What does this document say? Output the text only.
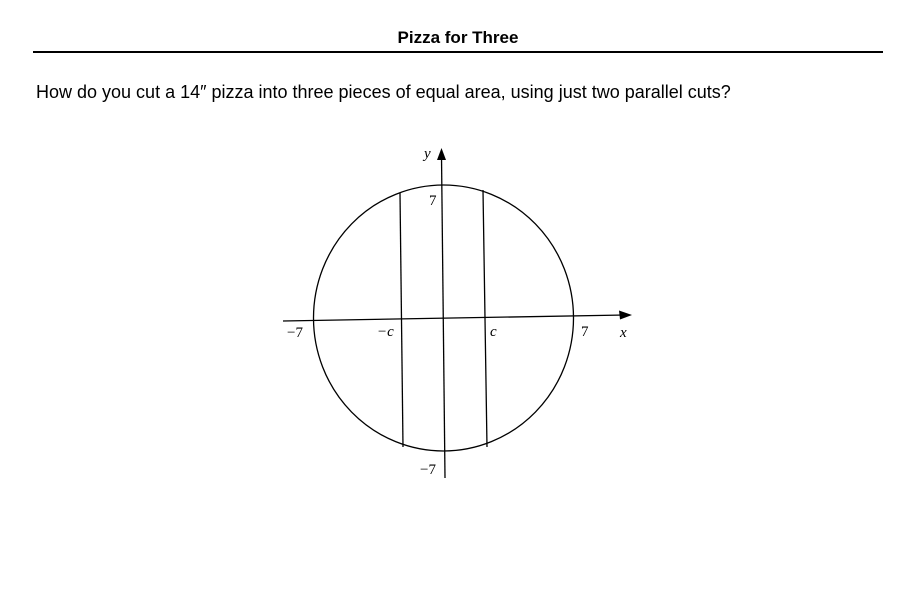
Pizza for Three
How do you cut a 14″ pizza into three pieces of equal area, using just two parallel cuts?
y
x
7
−7
7
−7	−c	c
